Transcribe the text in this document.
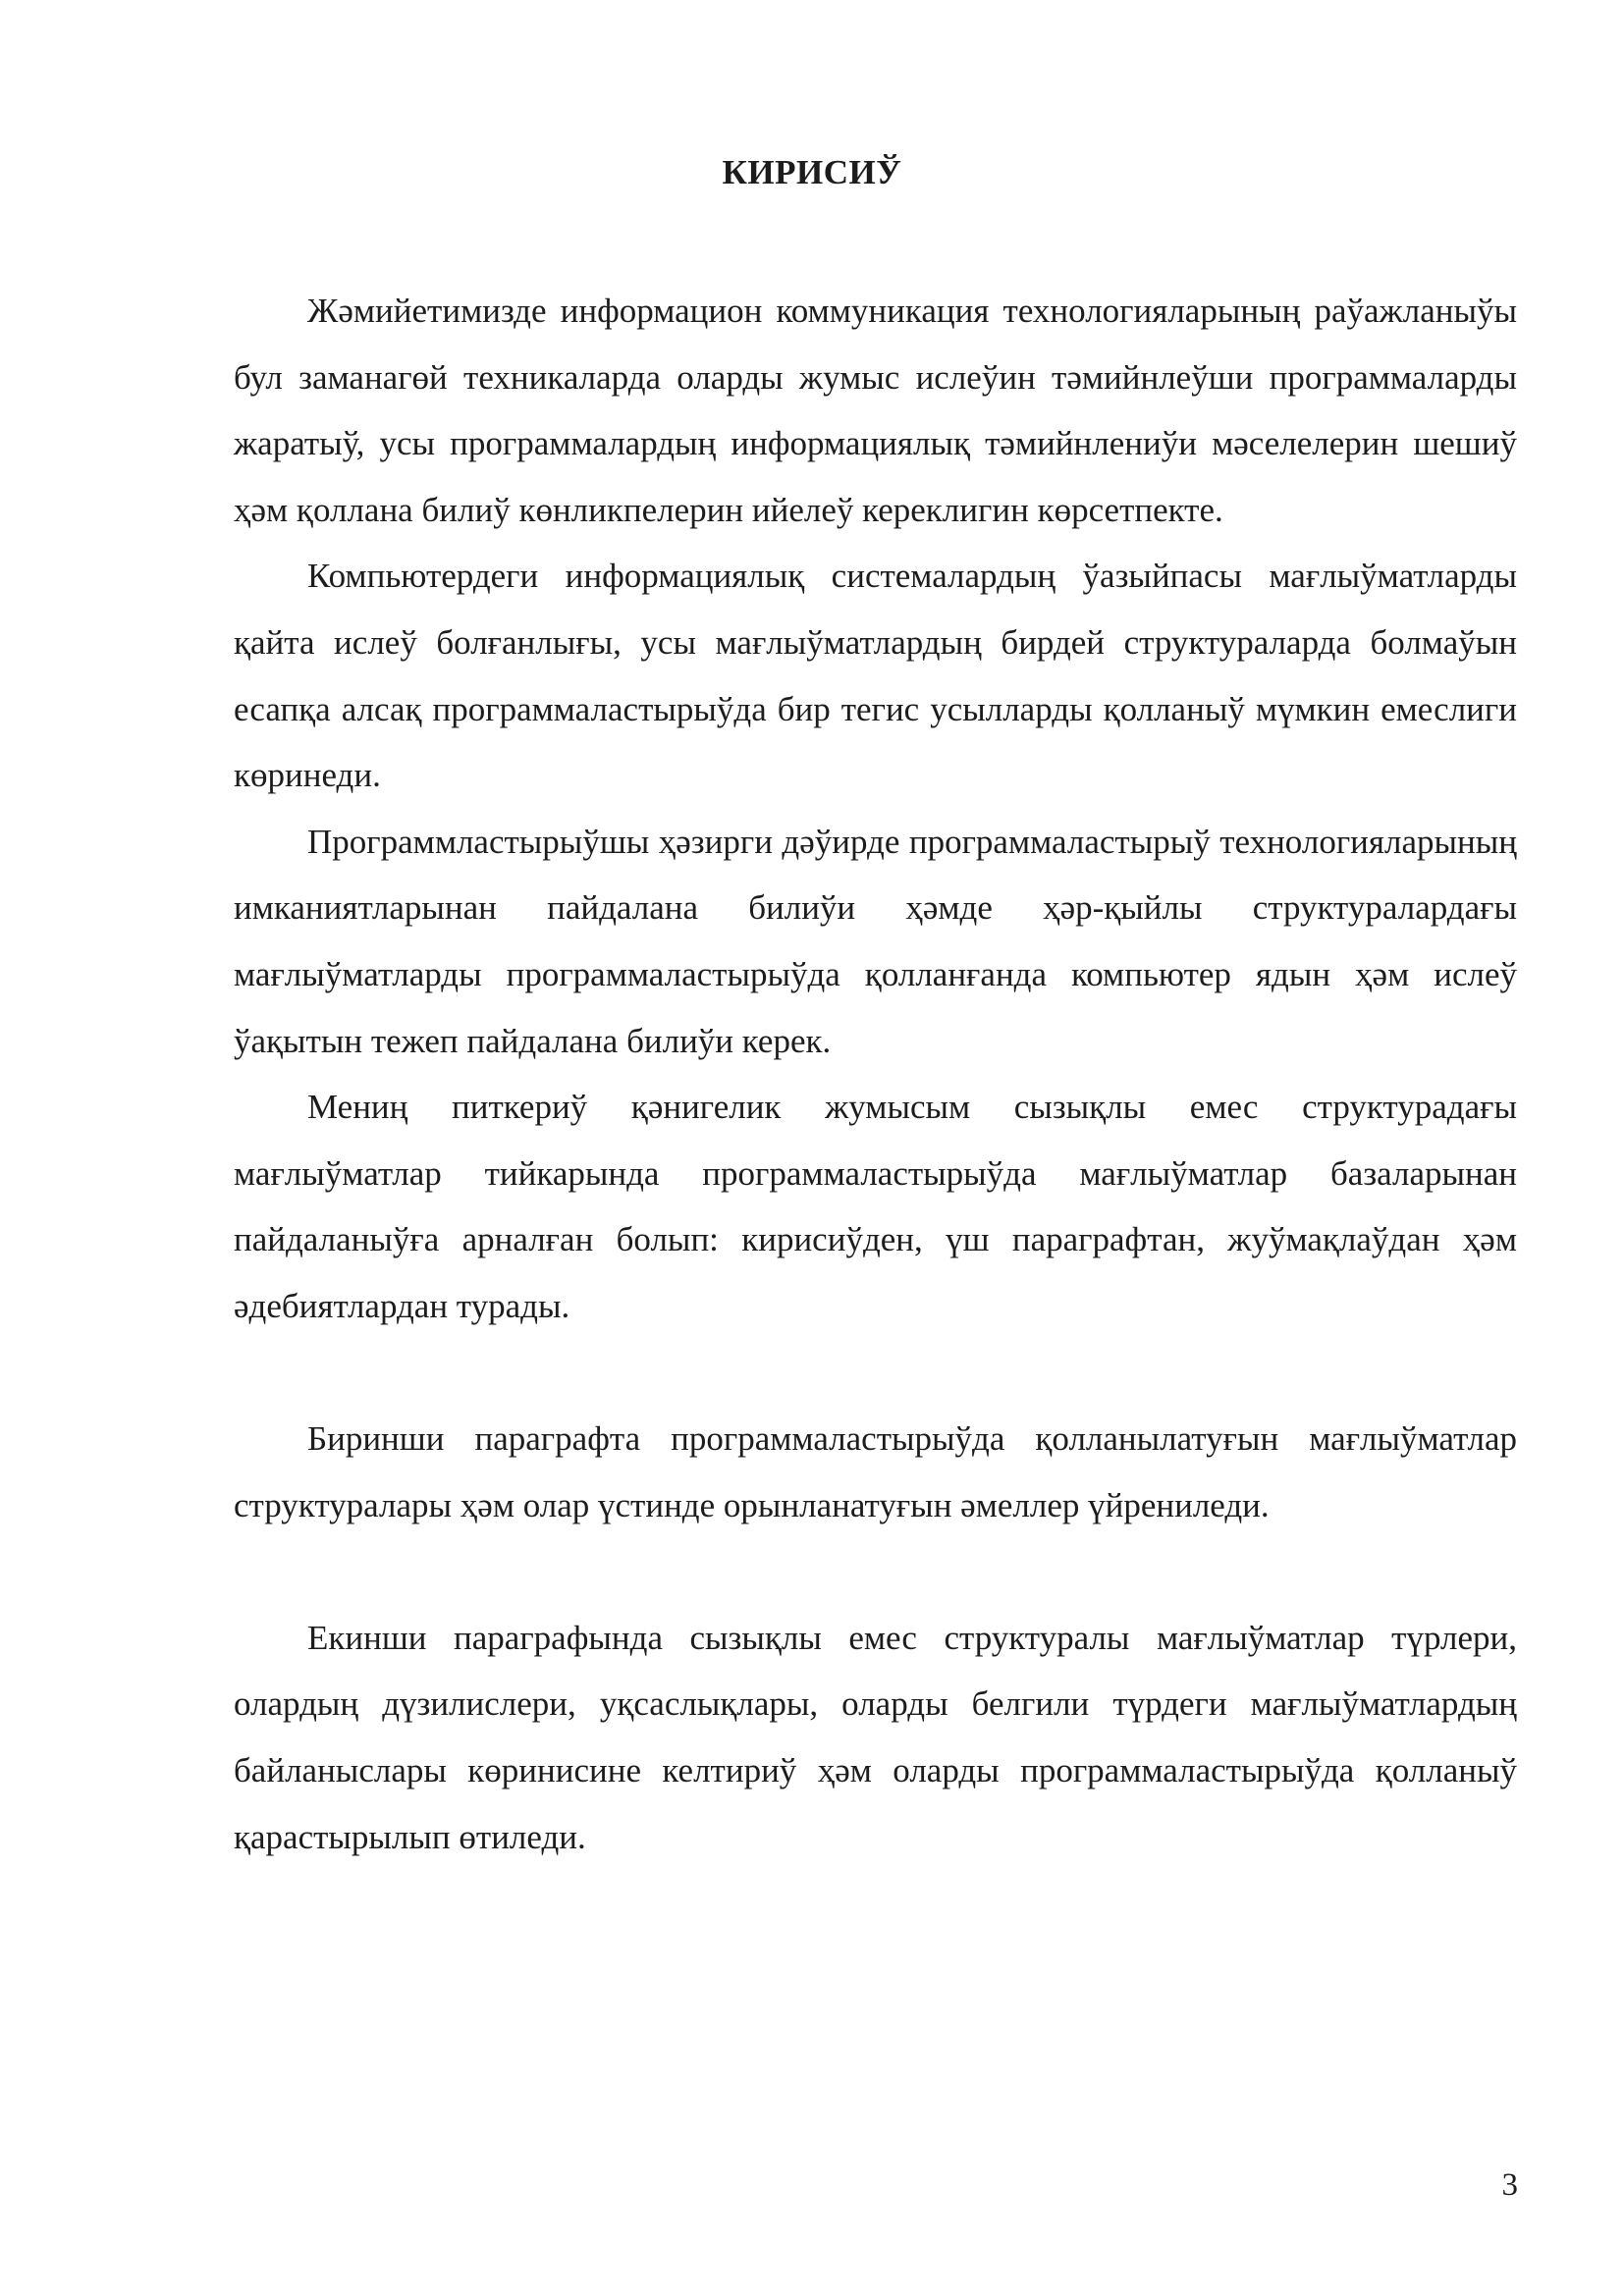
КИРИСИЎ

Жәмийетимизде информацион коммуникация технологияларының раўажланыўы бул заманагөй техникаларда оларды жумыс ислеўин тәмийнлеўши программаларды жаратыў, усы программалардың информациялық тәмийнлениўи мәселелерин шешиў ҳәм қоллана билиў көнликпелерин ийелеў кереклигин көрсетпекте.

Компьютердеги информациялық системалардың ўазыйпасы мағлыўматларды қайта ислеў болғанлығы, усы мағлыўматлардың бирдей структураларда болмаўын есапқа алсақ программаластырыўда бир тегис усылларды қолланыў мүмкин емеслиги көринеди.

Программластырыўшы ҳәзирги дәўирде программаластырыў технологияларының имканиятларынан пайдалана билиўи ҳәмде ҳәр-қыйлы структуралардағы мағлыўматларды программаластырыўда қолланғанда компьютер ядын ҳәм ислеў ўақытын тежеп пайдалана билиўи керек.

Мениң питкериў қәнигелик жумысым сызықлы емес структурадағы мағлыўматлар тийкарында программаластырыўда мағлыўматлар базаларынан пайдаланыўға арналған болып: кирисиўден, үш параграфтан, жуўмақлаўдан ҳәм әдебиятлардан турады.

Биринши параграфта программаластырыўда қолланылатуғын мағлыўматлар структуралары ҳәм олар үстинде орынланатуғын әмеллер үйрениледи.

Екинши параграфында сызықлы емес структуралы мағлыўматлар түрлери, олардың дүзилислери, уқсаслықлары, оларды белгили түрдеги мағлыўматлардың байланыслары көринисине келтириў ҳәм оларды программаластырыўда қолланыў қарастырылып өтиледи.

3
